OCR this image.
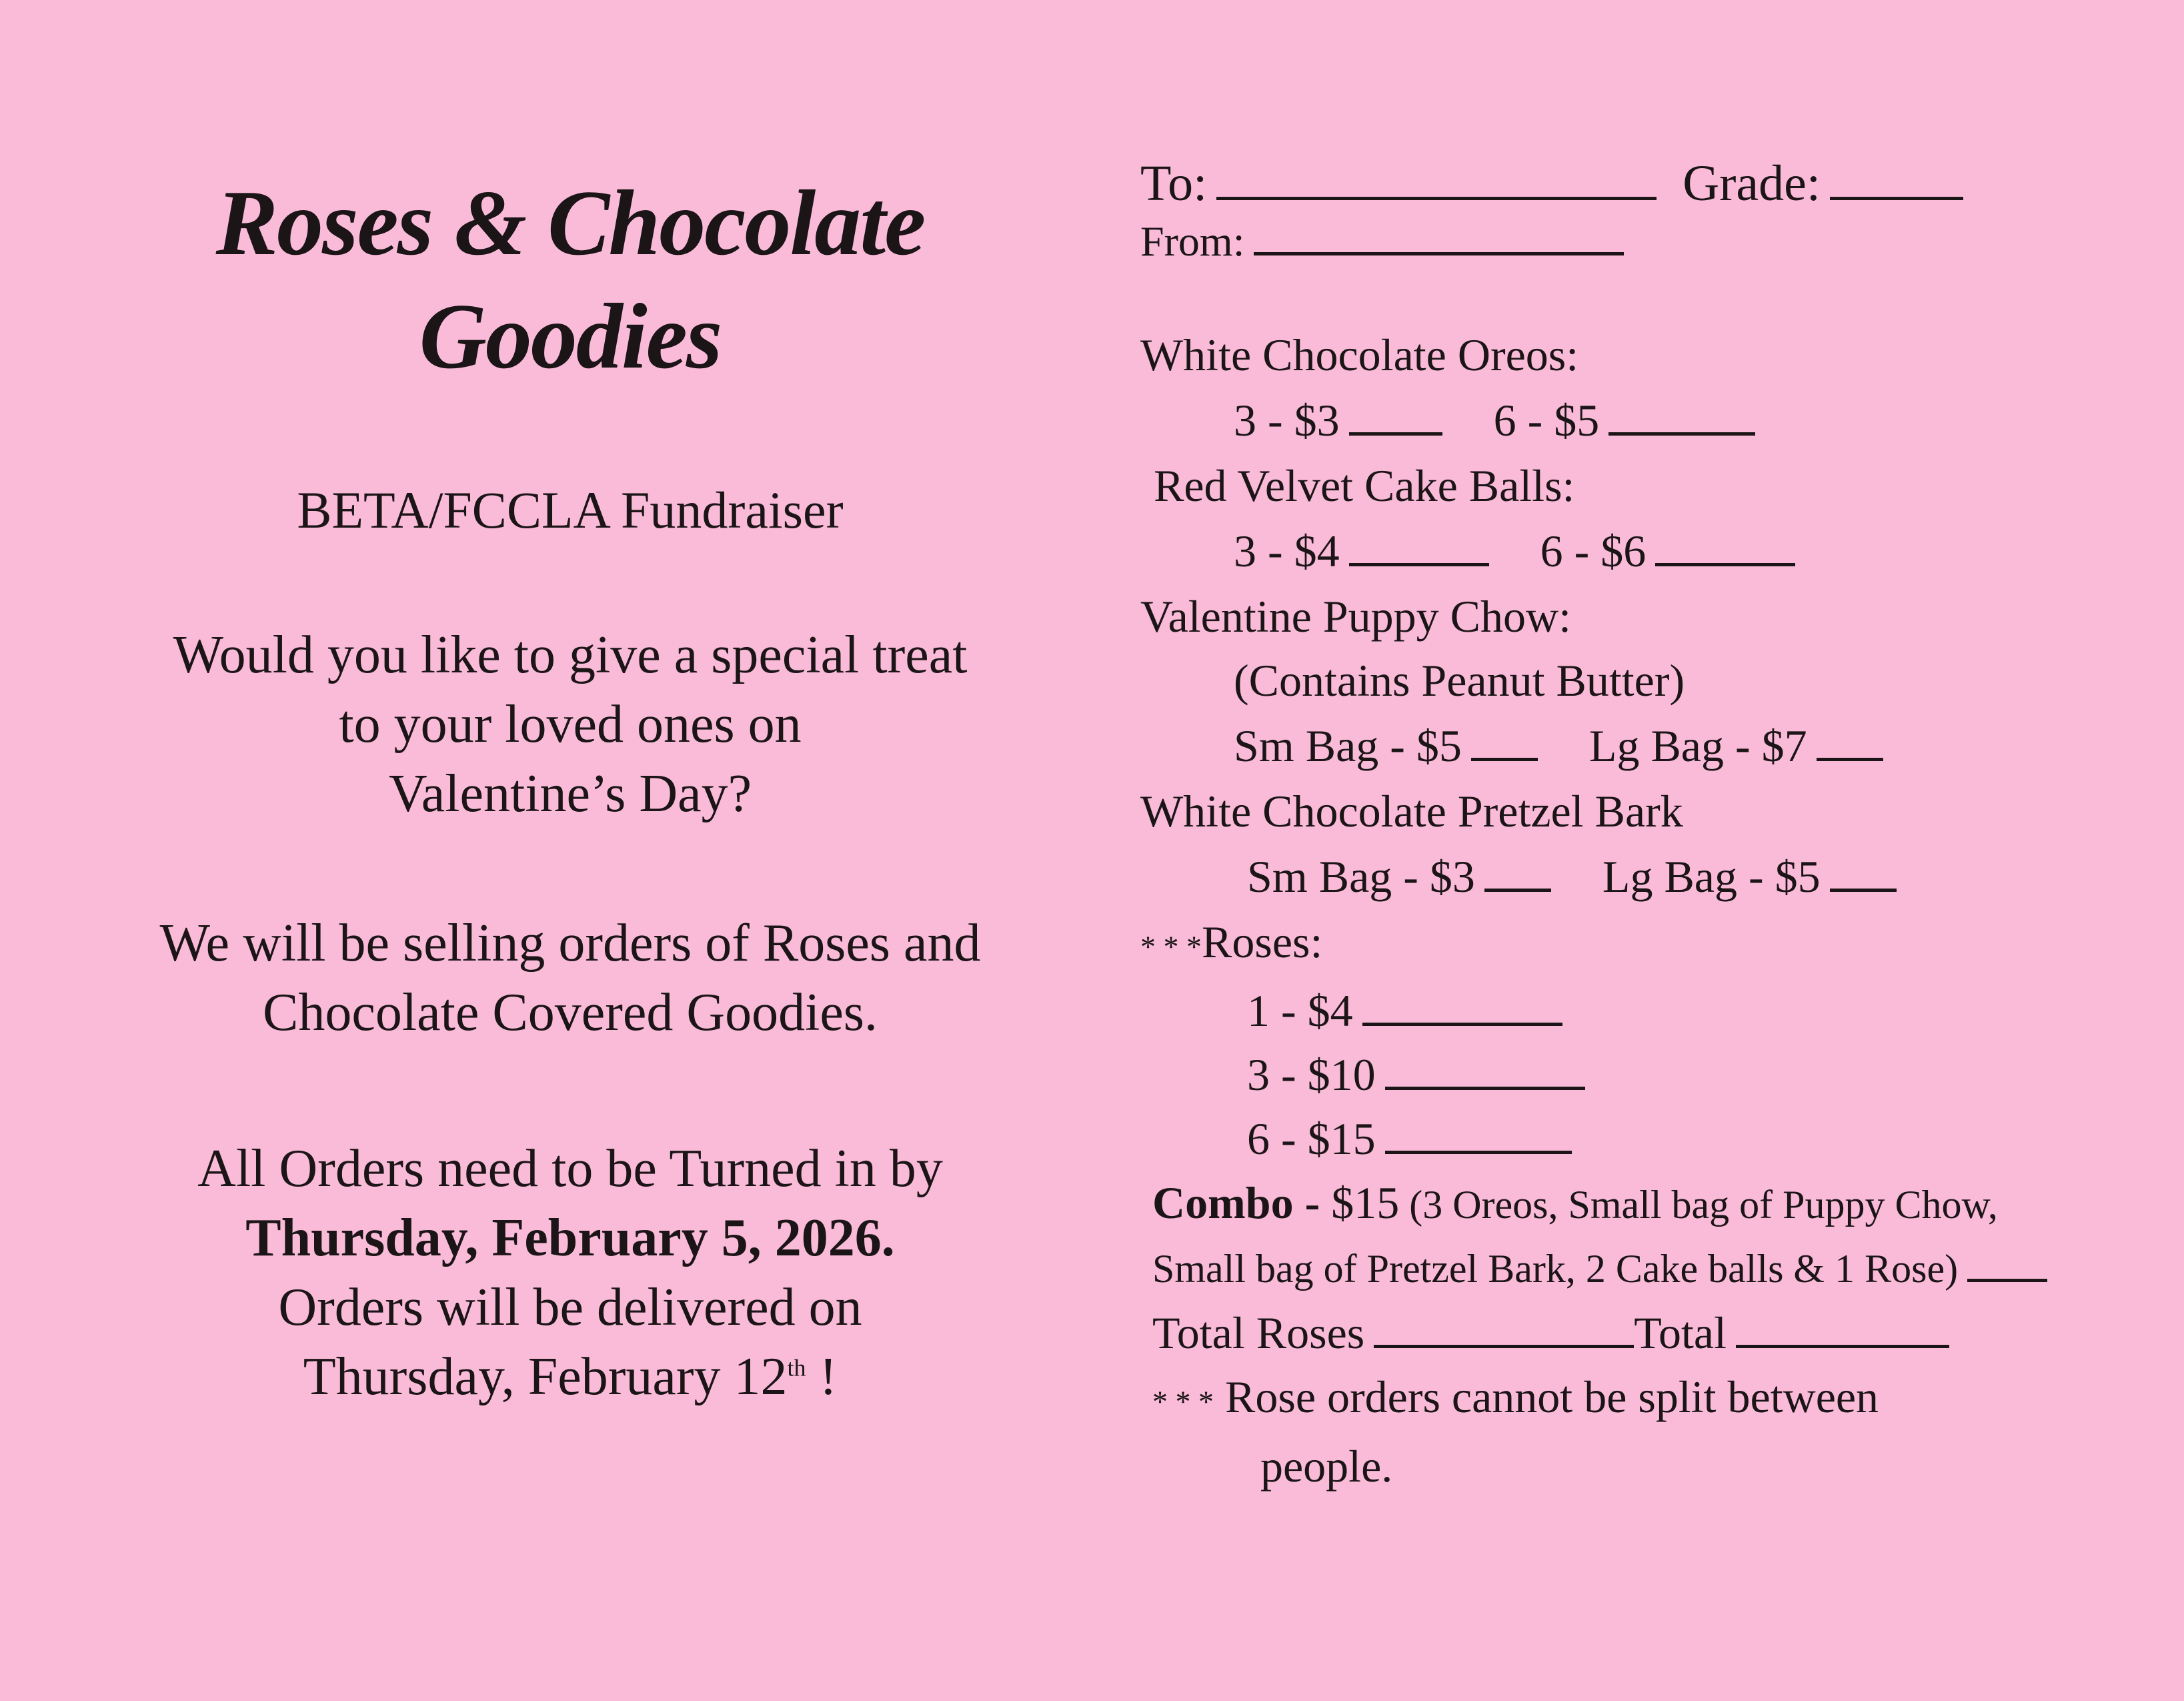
Roses & Chocolate
Goodies
BETA/FCCLA Fundraiser
Would you like to give a special treat
to your loved ones on
Valentine’s Day?
We will be selling orders of Roses and
Chocolate Covered Goodies.
All Orders need to be Turned in by
Thursday, February 5, 2026.
Orders will be delivered on
Thursday, February 12th !
To:	Grade:
From:
White Chocolate Oreos:
3 - $3	6 - $5
Red Velvet Cake Balls:
3 - $4	6 - $6
Valentine Puppy Chow:
(Contains Peanut Butter)
Sm Bag - $5	Lg Bag - $7
White Chocolate Pretzel Bark
Sm Bag - $3	Lg Bag - $5
* * *Roses:
1 - $4
3 - $10
6 - $15
Combo - $15 (3 Oreos, Small bag of Puppy Chow,
Small bag of Pretzel Bark, 2 Cake balls & 1 Rose)
Total Roses	Total
* * * Rose orders cannot be split between
people.
